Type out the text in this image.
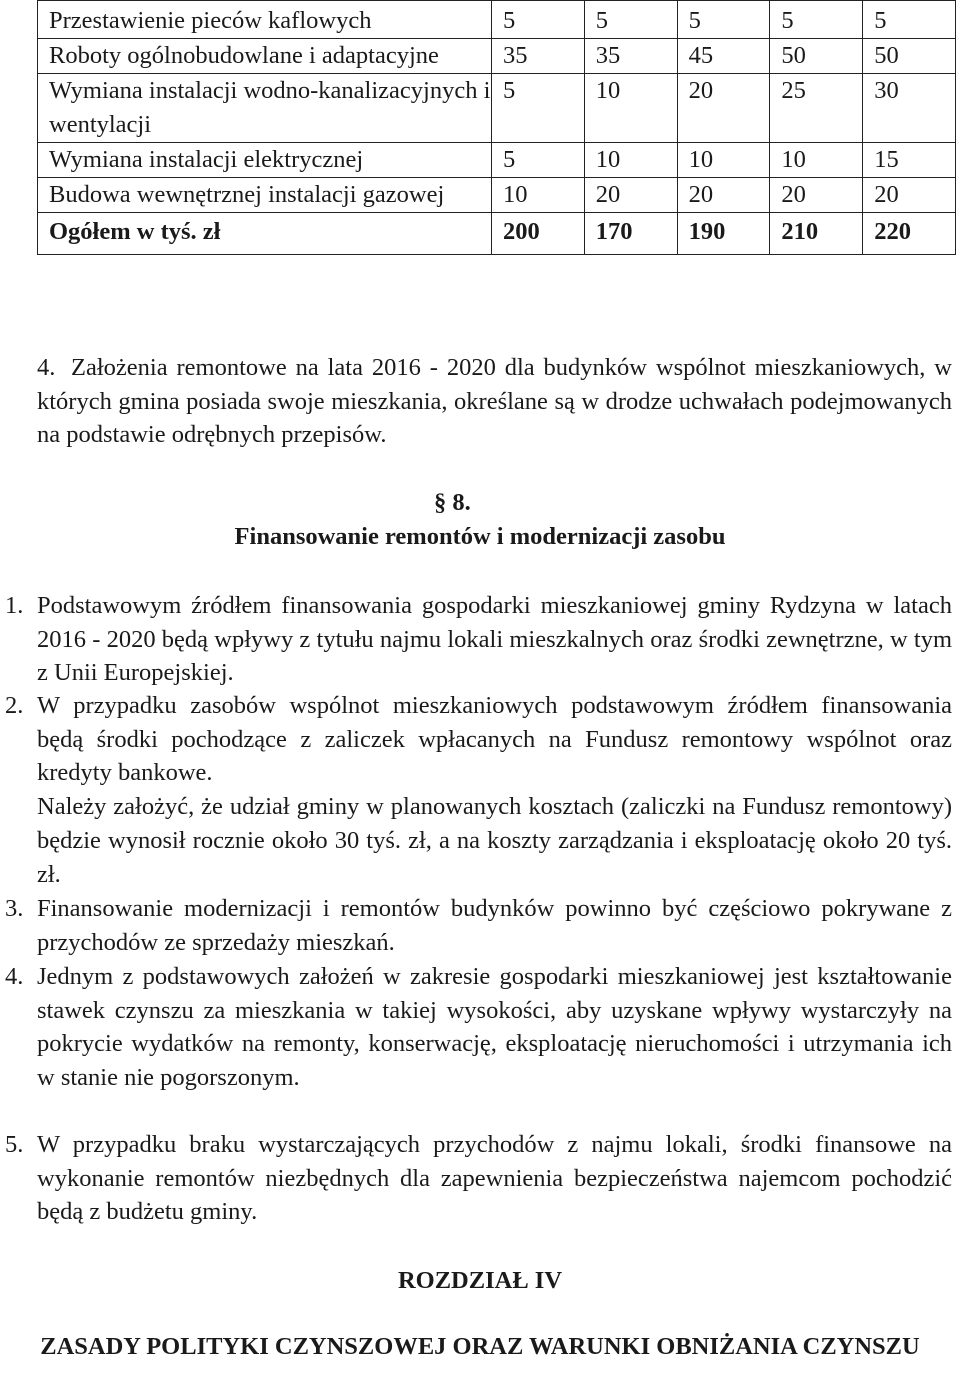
Przestawienie pieców kaflowych	5	5	5	5	5
Roboty ogólnobudowlane i adaptacyjne	35	35	45	50	50
Wymiana instalacji wodno-kanalizacyjnych i wentylacji	5	10	20	25	30
Wymiana instalacji elektrycznej	5	10	10	10	15
Budowa wewnętrznej instalacji gazowej	10	20	20	20	20
Ogółem w tyś. zł	200	170	190	210	220
4. Założenia remontowe na lata 2016 - 2020 dla budynków wspólnot mieszkaniowych, w których gmina posiada swoje mieszkania, określane są w drodze uchwałach podejmowanych na podstawie odrębnych przepisów.
§ 8.
Finansowanie remontów i modernizacji zasobu
1. Podstawowym źródłem finansowania gospodarki mieszkaniowej gminy Rydzyna w latach 2016 - 2020 będą wpływy z tytułu najmu lokali mieszkalnych oraz środki zewnętrzne, w tym z Unii Europejskiej.
2. W przypadku zasobów wspólnot mieszkaniowych podstawowym źródłem finansowania będą środki pochodzące z zaliczek wpłacanych na Fundusz remontowy wspólnot oraz kredyty bankowe.
Należy założyć, że udział gminy w planowanych kosztach (zaliczki na Fundusz remontowy) będzie wynosił rocznie około 30 tyś. zł, a na koszty zarządzania i eksploatację około 20 tyś. zł.
3. Finansowanie modernizacji i remontów budynków powinno być częściowo pokrywane z przychodów ze sprzedaży mieszkań.
4. Jednym z podstawowych założeń w zakresie gospodarki mieszkaniowej jest kształtowanie stawek czynszu za mieszkania w takiej wysokości, aby uzyskane wpływy wystarczyły na pokrycie wydatków na remonty, konserwację, eksploatację nieruchomości i utrzymania ich w stanie nie pogorszonym.
5. W przypadku braku wystarczających przychodów z najmu lokali, środki finansowe na wykonanie remontów niezbędnych dla zapewnienia bezpieczeństwa najemcom pochodzić będą z budżetu gminy.
ROZDZIAŁ IV
ZASADY POLITYKI CZYNSZOWEJ ORAZ WARUNKI OBNIŻANIA CZYNSZU
